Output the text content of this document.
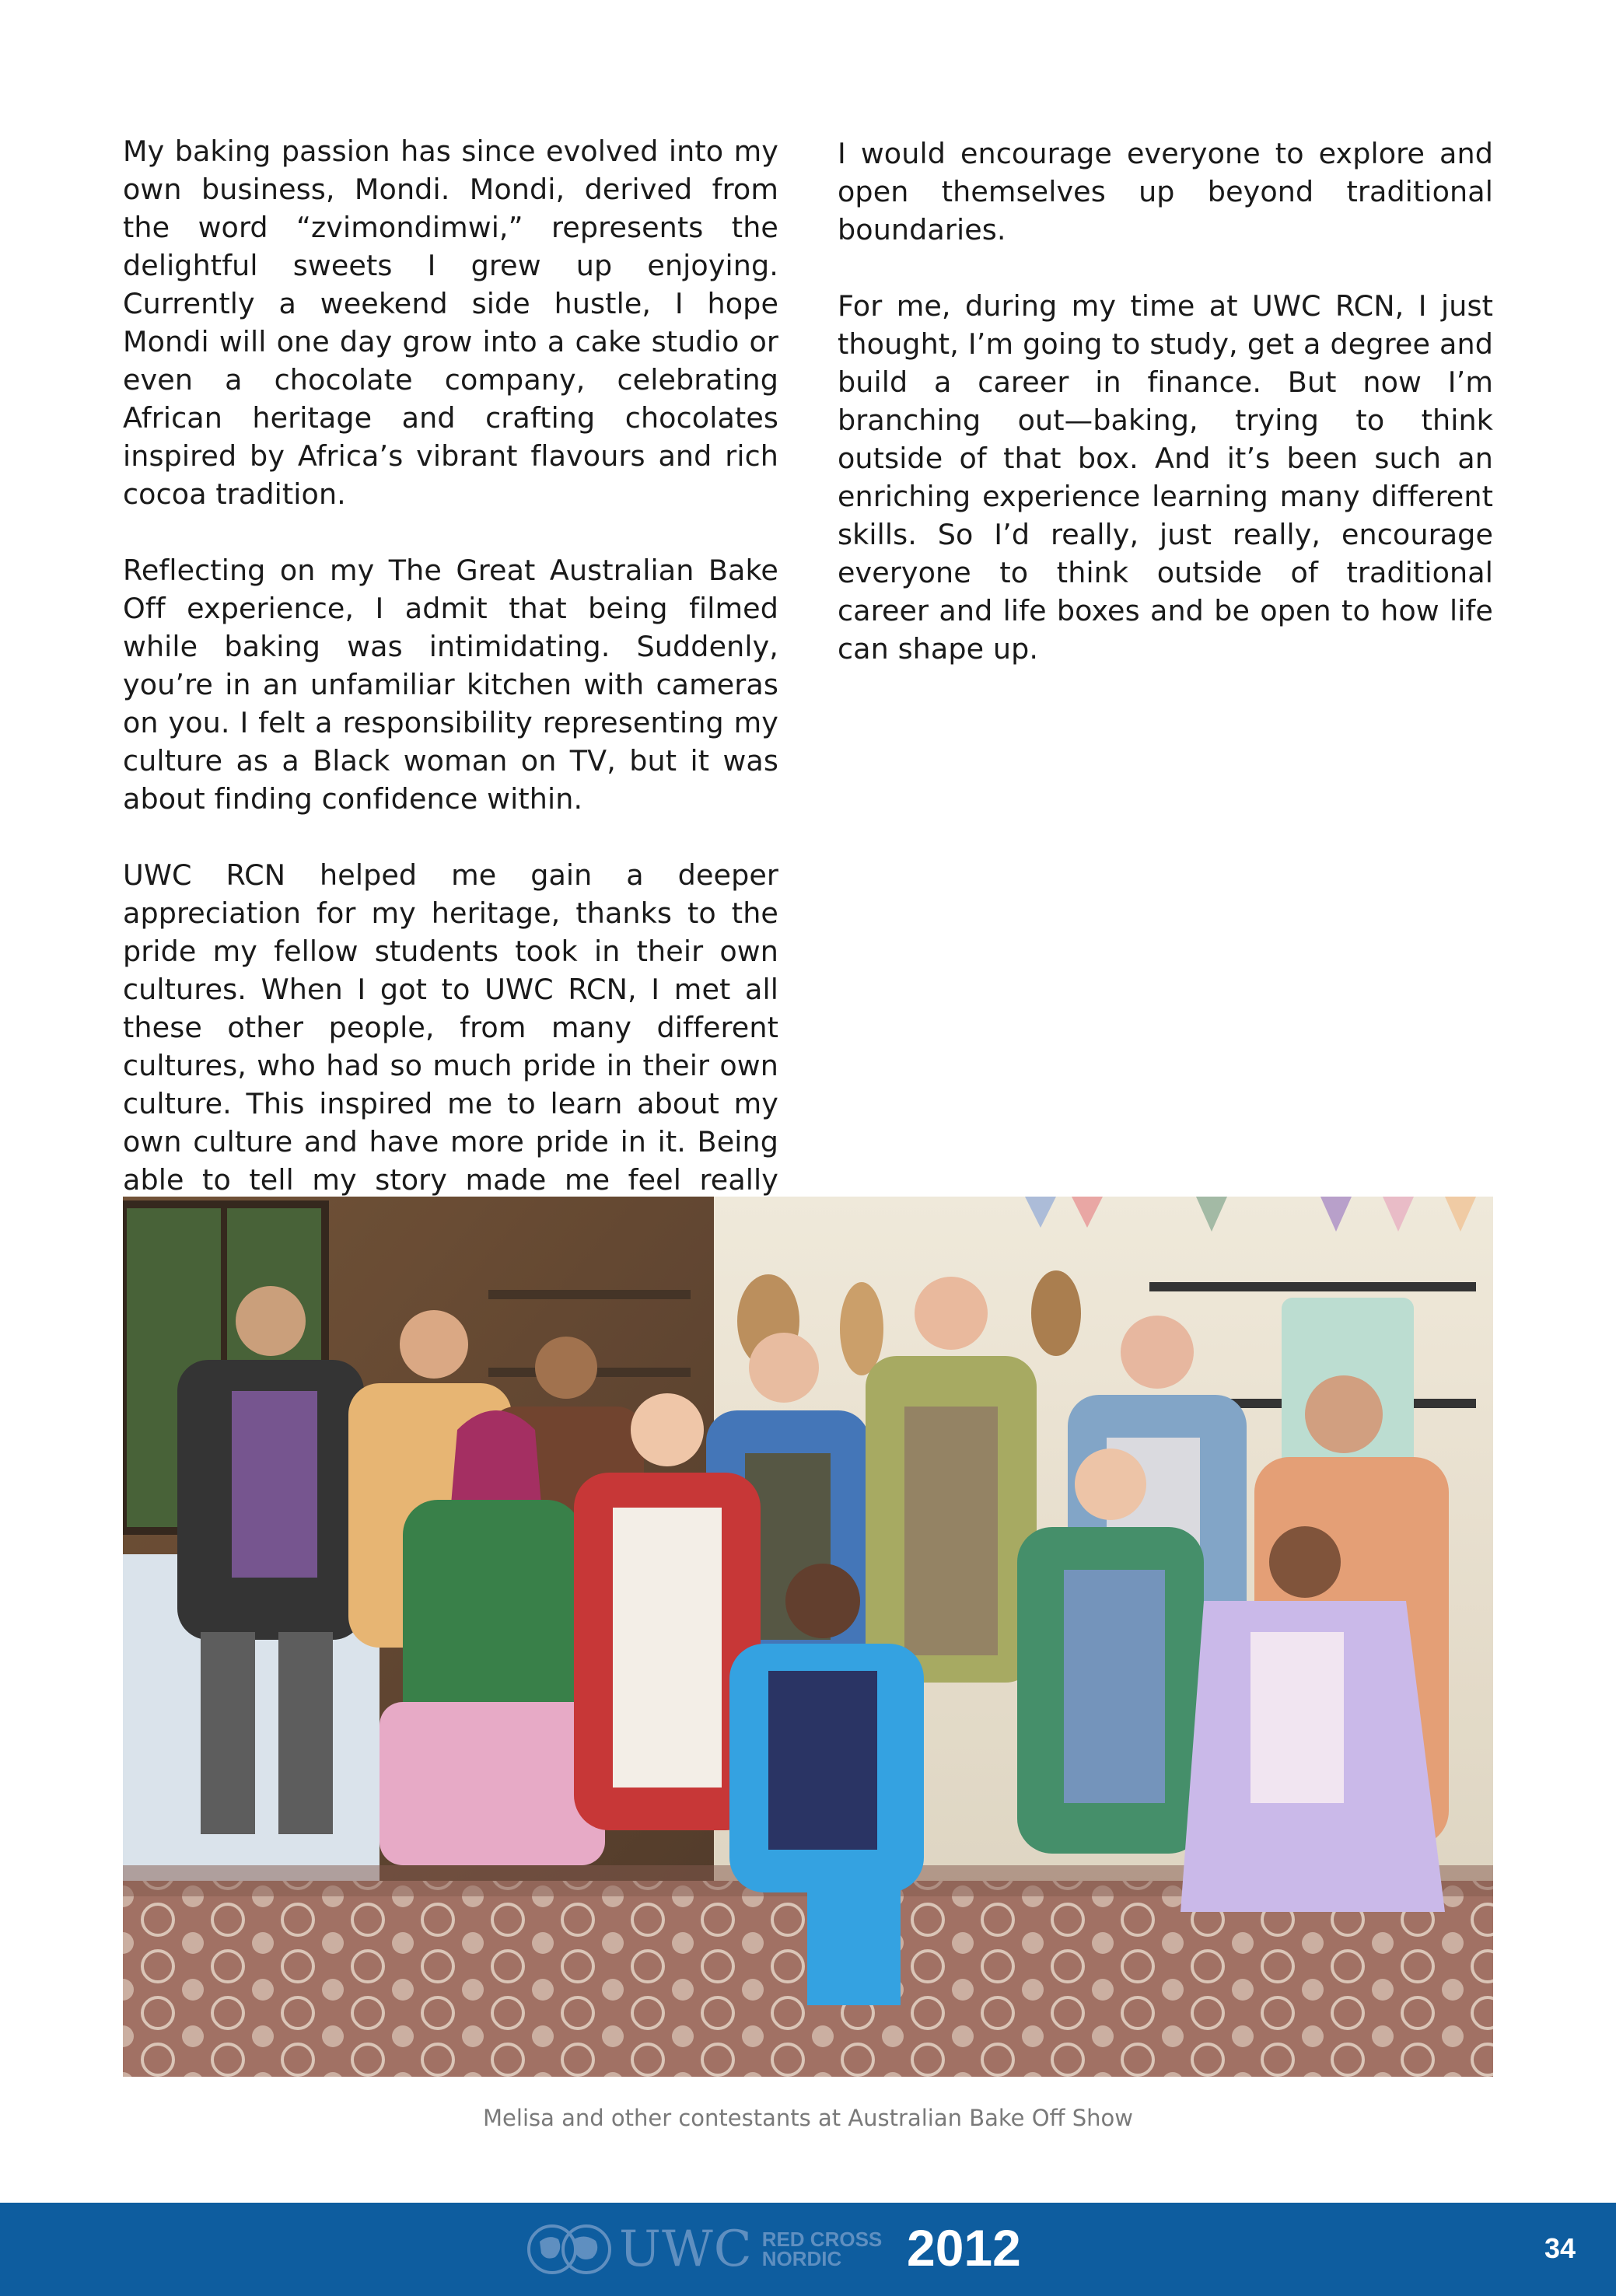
My baking passion has since evolved into my own business, Mondi. Mondi, derived from the word “zvimondimwi,” represents the delightful sweets I grew up enjoying. Currently a weekend side hustle, I hope Mondi will one day grow into a cake studio or even a chocolate company, celebrating African heritage and crafting chocolates inspired by Africa’s vibrant flavours and rich cocoa tradition.

Reflecting on my The Great Australian Bake Off experience, I admit that being filmed while baking was intimidating. Suddenly, you’re in an unfamiliar kitchen with cameras on you. I felt a responsibility representing my culture as a Black woman on TV, but it was about finding confidence within.

UWC RCN helped me gain a deeper appreciation for my heritage, thanks to the pride my fellow students took in their own cultures. When I got to UWC RCN, I met all these other people, from many different cultures, who had so much pride in their own culture. This inspired me to learn about my own culture and have more pride in it. Being able to tell my story made me feel really

I would encourage everyone to explore and open themselves up beyond traditional boundaries.

For me, during my time at UWC RCN, I just thought, I’m going to study, get a degree and build a career in finance. But now I’m branching out—baking, trying to think outside of that box. And it’s been such an enriching experience learning many different skills. So I’d really, just really, encourage everyone to think outside of traditional career and life boxes and be open to how life can shape up.

Melisa and other contestants at Australian Bake Off Show
UWC RED CROSS
NORDIC	2012	34
